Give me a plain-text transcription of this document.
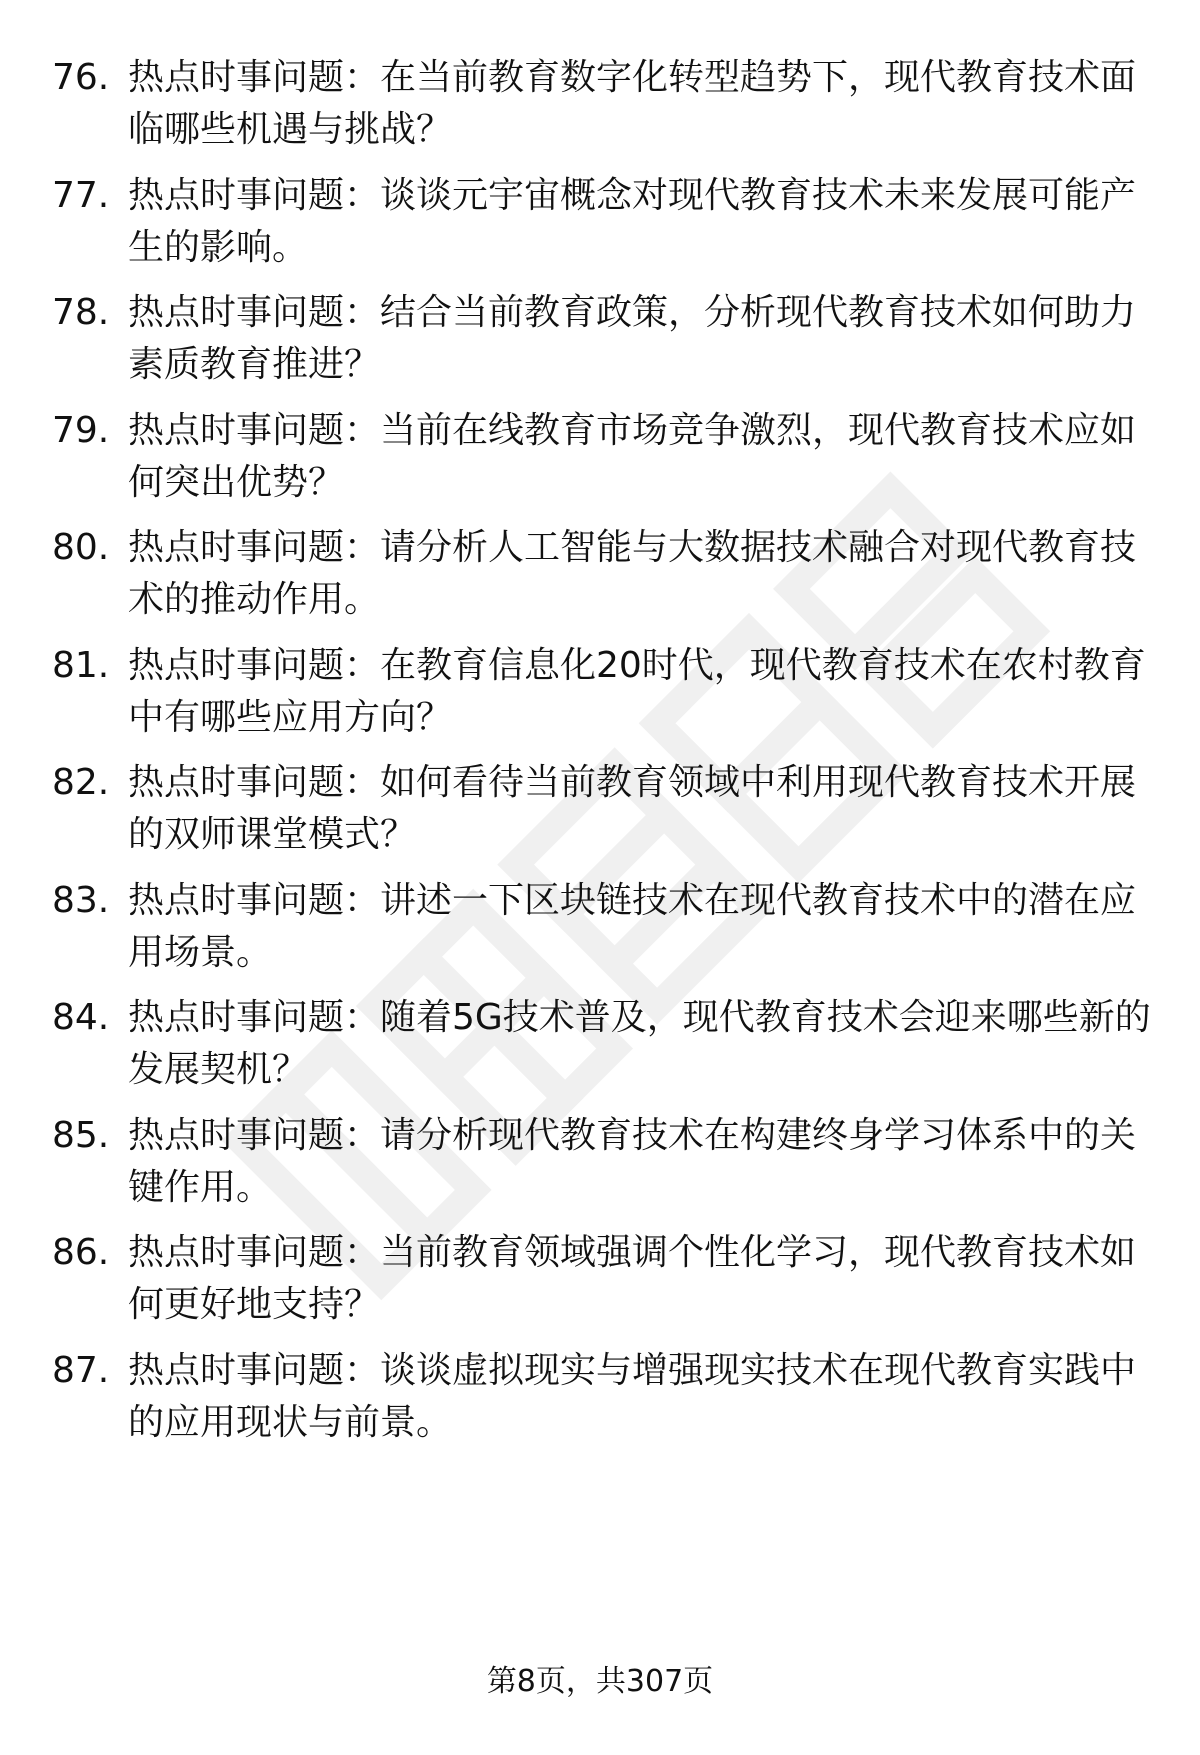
76. 热点时事问题：在当前教育数字化转型趋势下，现代教育技术面
临哪些机遇与挑战？
77. 热点时事问题：谈谈元宇宙概念对现代教育技术未来发展可能产
生的影响。
78. 热点时事问题：结合当前教育政策，分析现代教育技术如何助力
素质教育推进？
79. 热点时事问题：当前在线教育市场竞争激烈，现代教育技术应如
何突出优势？
80. 热点时事问题：请分析人工智能与大数据技术融合对现代教育技
术的推动作用。
81. 热点时事问题：在教育信息化20时代，现代教育技术在农村教育
中有哪些应用方向？
82. 热点时事问题：如何看待当前教育领域中利用现代教育技术开展
的双师课堂模式？
83. 热点时事问题：讲述一下区块链技术在现代教育技术中的潜在应
用场景。
84. 热点时事问题：随着5G技术普及，现代教育技术会迎来哪些新的
发展契机？
85. 热点时事问题：请分析现代教育技术在构建终身学习体系中的关
键作用。
86. 热点时事问题：当前教育领域强调个性化学习，现代教育技术如
何更好地支持？
87. 热点时事问题：谈谈虚拟现实与增强现实技术在现代教育实践中
的应用现状与前景。
第8页，共307页
